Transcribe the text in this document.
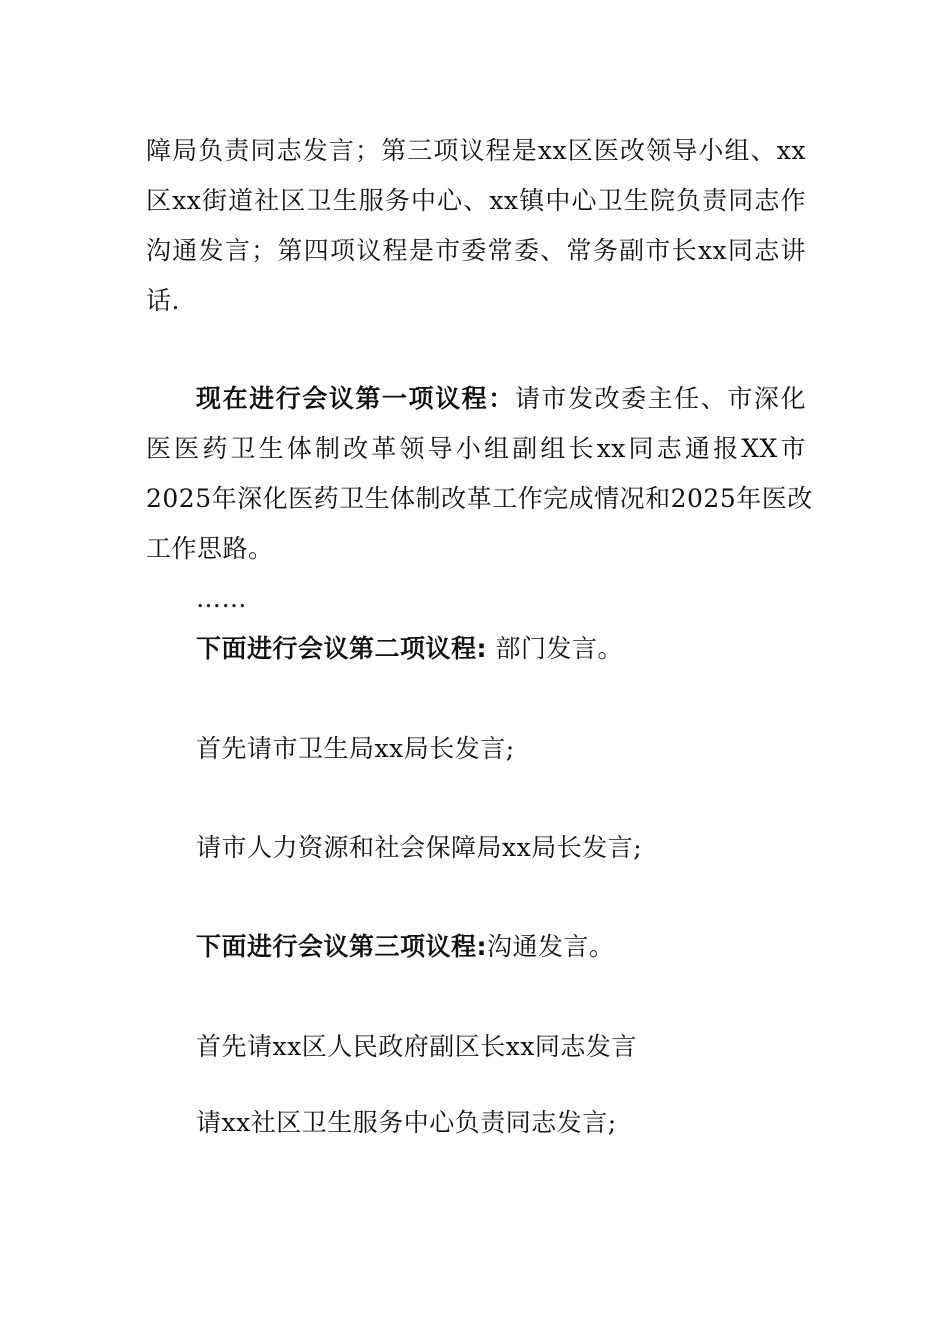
障局负责同志发言；第三项议程是xx区医改领导小组、xx

区xx街道社区卫生服务中心、xx镇中心卫生院负责同志作

沟通发言；第四项议程是市委常委、常务副市长xx同志讲

话.

现在进行会议第一项议程：请市发改委主任、市深化

医医药卫生体制改革领导小组副组长xx同志通报XX市

2025年深化医药卫生体制改革工作完成情况和2025年医改

工作思路。

……

下面进行会议第二项议程: 部门发言。

首先请市卫生局xx局长发言;

请市人力资源和社会保障局xx局长发言;

下面进行会议第三项议程:沟通发言。

首先请xx区人民政府副区长xx同志发言

请xx社区卫生服务中心负责同志发言;
